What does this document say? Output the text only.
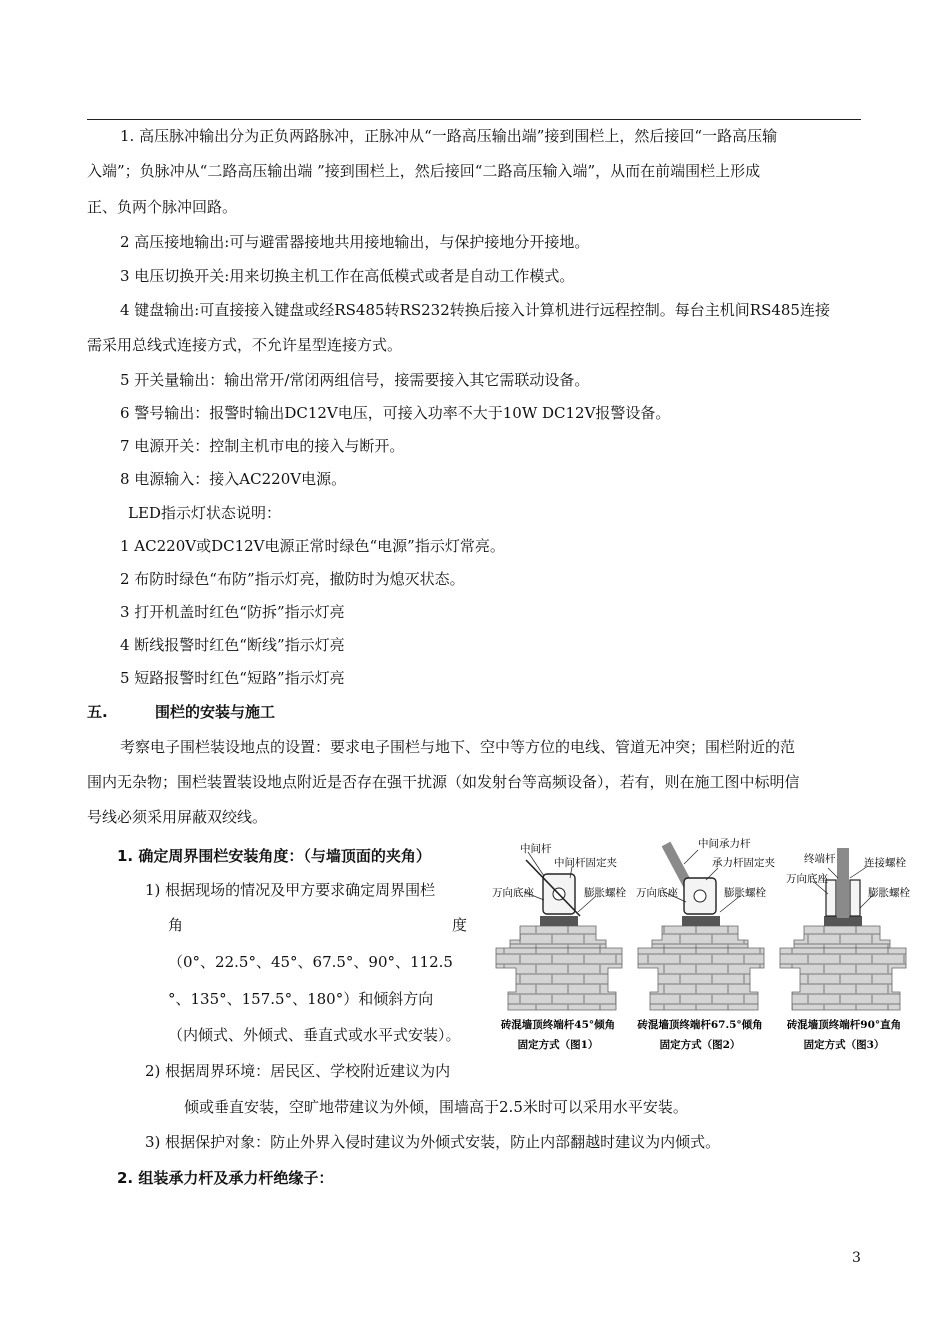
1. 高压脉冲输出分为正负两路脉冲，正脉冲从“一路高压输出端”接到围栏上，然后接回“一路高压输
入端”；负脉冲从“二路高压输出端 ”接到围栏上，然后接回“二路高压输入端”，从而在前端围栏上形成
正、负两个脉冲回路。
2 高压接地输出:可与避雷器接地共用接地输出，与保护接地分开接地。
3 电压切换开关:用来切换主机工作在高低模式或者是自动工作模式。
4 键盘输出:可直接接入键盘或经RS485转RS232转换后接入计算机进行远程控制。每台主机间RS485连接
需采用总线式连接方式，不允许星型连接方式。
5 开关量输出：输出常开/常闭两组信号，接需要接入其它需联动设备。
6 警号输出：报警时输出DC12V电压，可接入功率不大于10W DC12V报警设备。
7 电源开关：控制主机市电的接入与断开。
8 电源输入：接入AC220V电源。
LED指示灯状态说明：
1 AC220V或DC12V电源正常时绿色“电源”指示灯常亮。
2 布防时绿色“布防”指示灯亮，撤防时为熄灭状态。
3 打开机盖时红色“防拆”指示灯亮
4 断线报警时红色“断线”指示灯亮
5 短路报警时红色“短路”指示灯亮
五.	围栏的安装与施工
考察电子围栏装设地点的设置：要求电子围栏与地下、空中等方位的电线、管道无冲突；围栏附近的范
围内无杂物；围栏装置装设地点附近是否存在强干扰源（如发射台等高频设备），若有，则在施工图中标明信
号线必须采用屏蔽双绞线。
1. 确定周界围栏安装角度：（与墙顶面的夹角）
1) 根据现场的情况及甲方要求确定周界围栏
角	度
（0°、22.5°、45°、67.5°、90°、112.5
°、135°、157.5°、180°）和倾斜方向
（内倾式、外倾式、垂直式或水平式安装）。
2) 根据周界环境：居民区、学校附近建议为内
倾或垂直安装，空旷地带建议为外倾，围墙高于2.5米时可以采用水平安装。
3) 根据保护对象：防止外界入侵时建议为外倾式安装，防止内部翻越时建议为内倾式。
2. 组装承力杆及承力杆绝缘子：
中间杆
中间杆固定夹
万向底座	膨胀螺栓
砖混墙顶终端杆45°倾角
固定方式（图1）
中间承力杆
承力杆固定夹
万向底座	膨胀螺栓
砖混墙顶终端杆67.5°倾角
固定方式（图2）
终端杆	连接螺栓
万向底座
膨胀螺栓
砖混墙顶终端杆90°直角
固定方式（图3）
3
